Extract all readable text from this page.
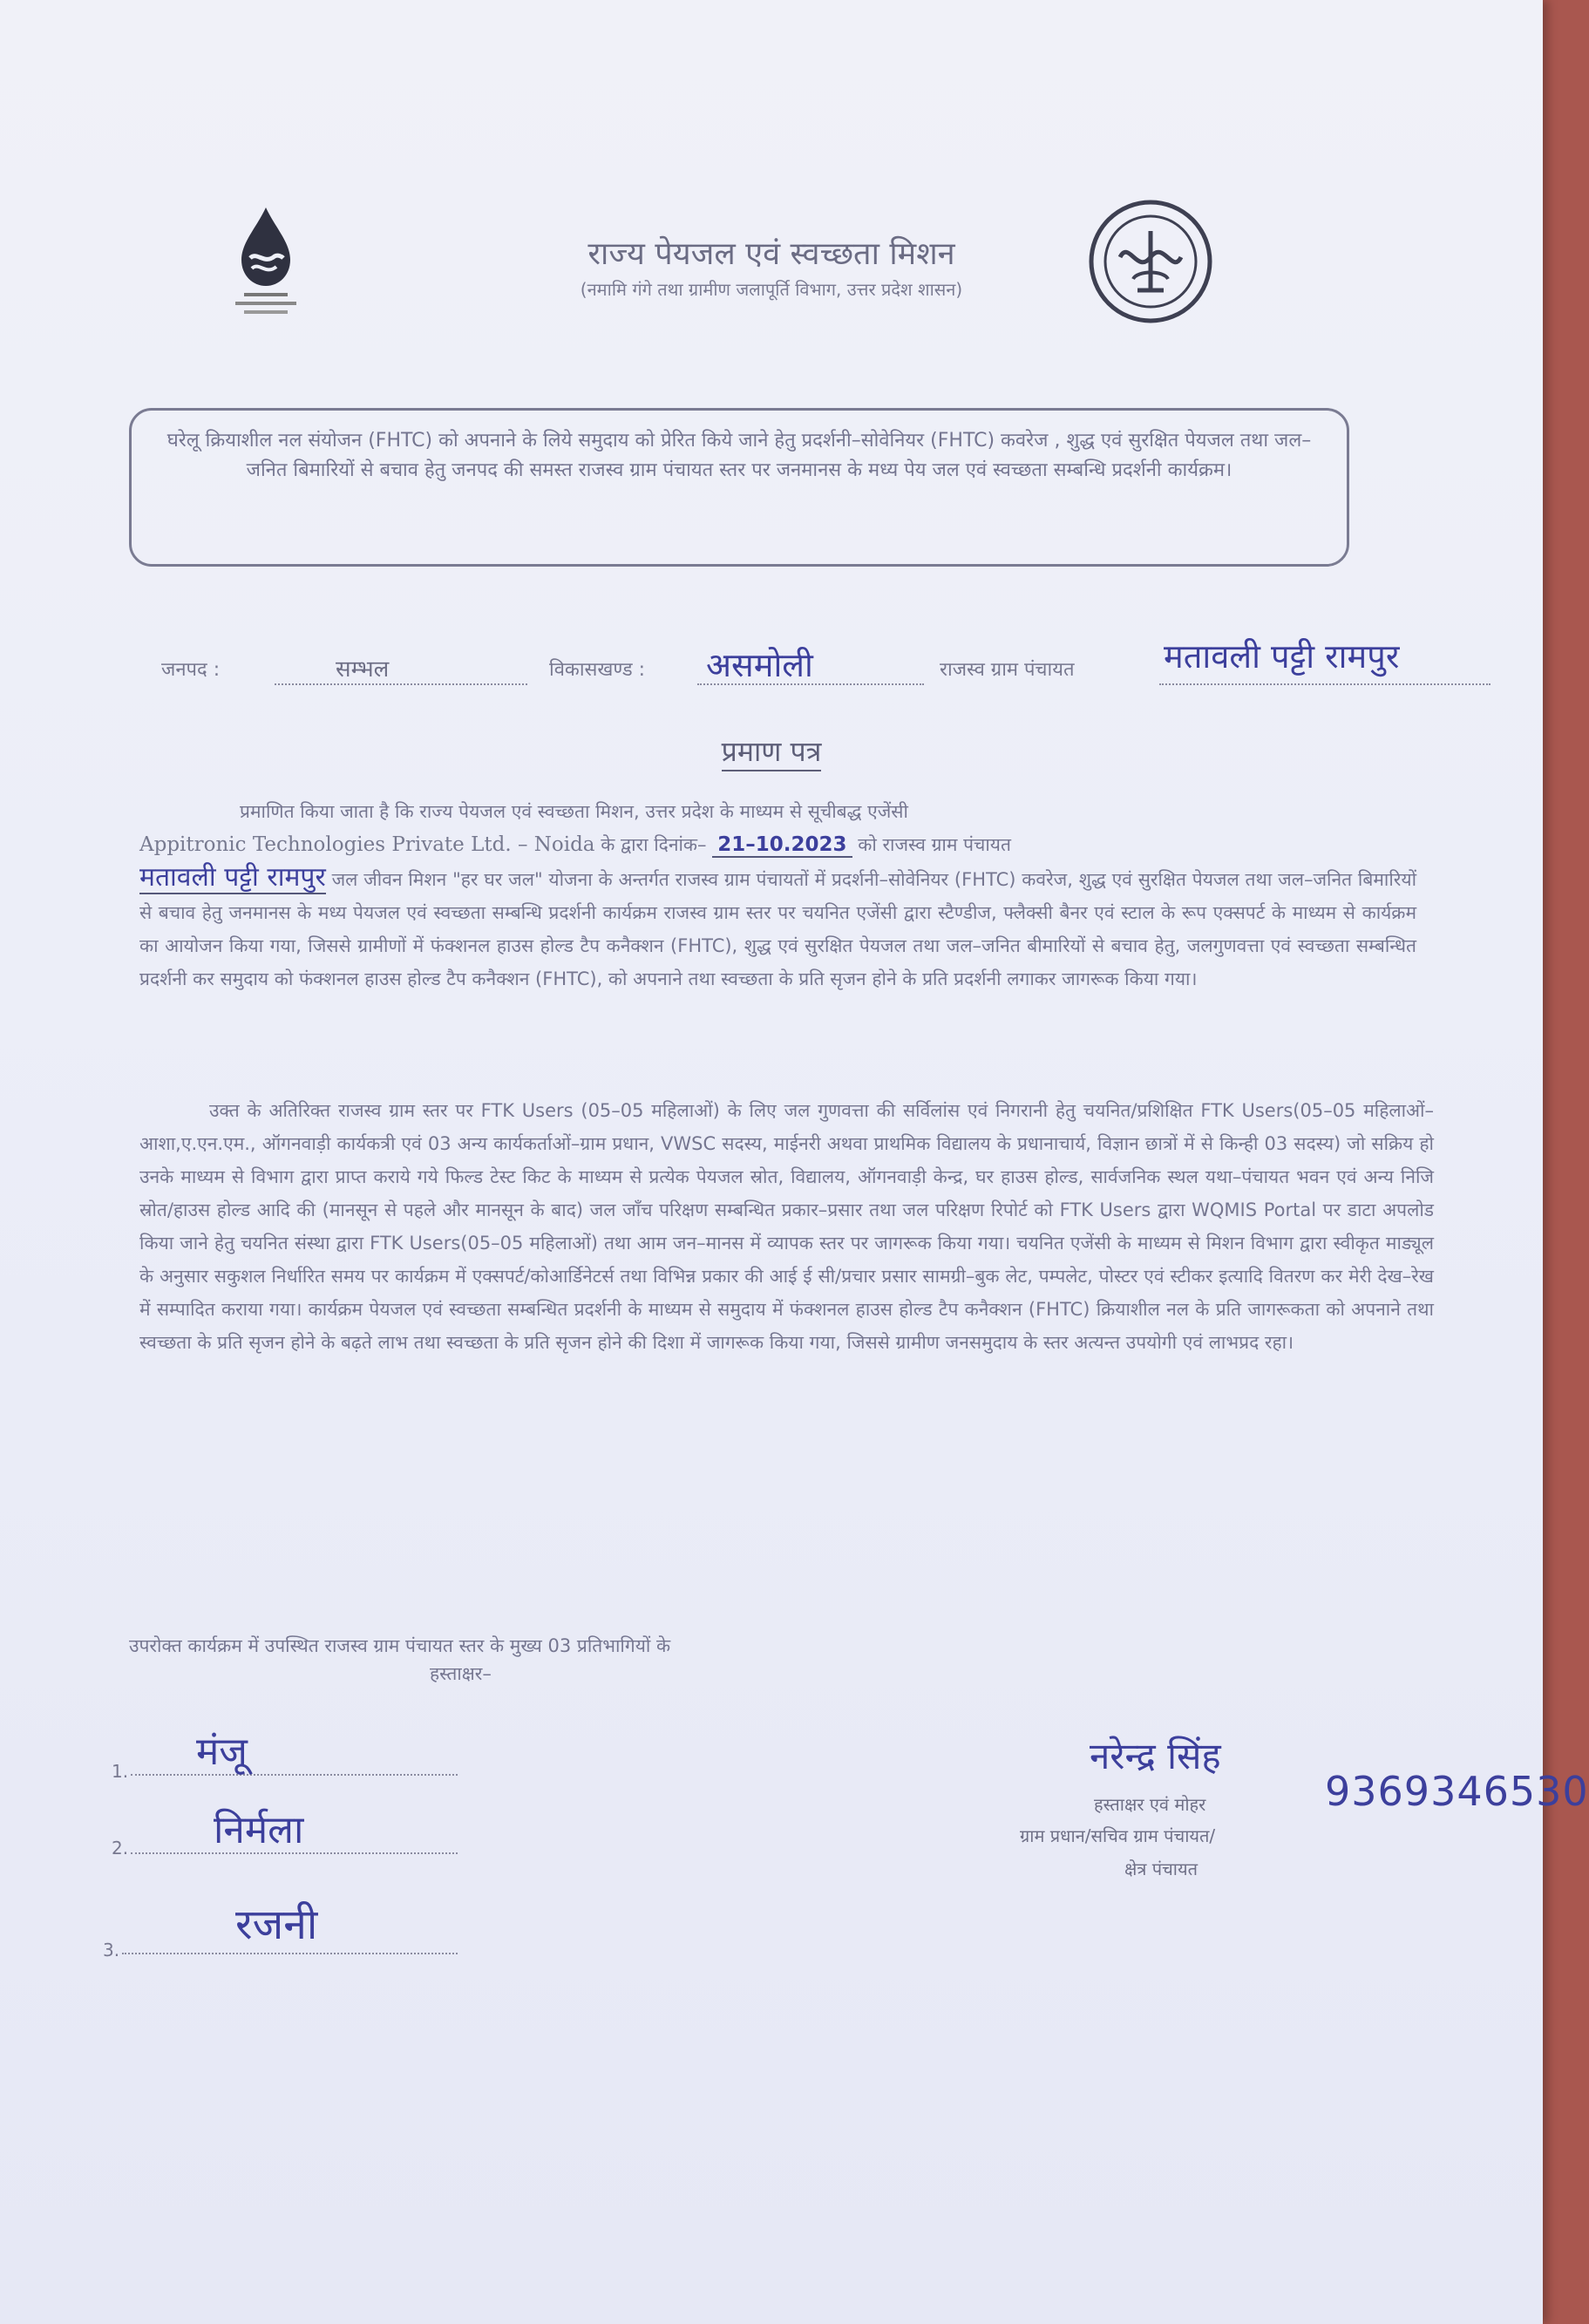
राज्य पेयजल एवं स्वच्छता मिशन
(नमामि गंगे तथा ग्रामीण जलापूर्ति विभाग, उत्तर प्रदेश शासन)
घरेलू क्रियाशील नल संयोजन (FHTC) को अपनाने के लिये समुदाय को प्रेरित किये जाने हेतु प्रदर्शनी–सोवेनियर (FHTC) कवरेज , शुद्ध एवं सुरक्षित पेयजल तथा जल–जनित बिमारियों से बचाव हेतु जनपद की समस्त राजस्व ग्राम पंचायत स्तर पर जनमानस के मध्य पेय जल एवं स्वच्छता सम्बन्धि प्रदर्शनी कार्यक्रम।
जनपद :	सम्भल	विकासखण्ड : असमोली	राजस्व ग्राम पंचायत	मतावली पट्टी रामपुर
प्रमाण पत्र
प्रमाणित किया जाता है कि राज्य पेयजल एवं स्वच्छता मिशन, उत्तर प्रदेश के माध्यम से सूचीबद्ध एजेंसी
Appitronic Technologies Private Ltd. – Noida के द्वारा दिनांक– 21–10.2023 को राजस्व ग्राम पंचायत
मतावली पट्टी रामपुर जल जीवन मिशन "हर घर जल" योजना के अन्तर्गत राजस्व ग्राम पंचायतों में प्रदर्शनी–सोवेनियर (FHTC) कवरेज, शुद्ध एवं सुरक्षित पेयजल तथा जल–जनित बिमारियों से बचाव हेतु जनमानस के मध्य पेयजल एवं स्वच्छता सम्बन्धि प्रदर्शनी कार्यक्रम राजस्व ग्राम स्तर पर चयनित एजेंसी द्वारा स्टैण्डीज, फ्लैक्सी बैनर एवं स्टाल के रूप एक्सपर्ट के माध्यम से कार्यक्रम का आयोजन किया गया, जिससे ग्रामीणों में फंक्शनल हाउस होल्ड टैप कनैक्शन (FHTC), शुद्ध एवं सुरक्षित पेयजल तथा जल–जनित बीमारियों से बचाव हेतु, जलगुणवत्ता एवं स्वच्छता सम्बन्धित प्रदर्शनी कर समुदाय को फंक्शनल हाउस होल्ड टैप कनैक्शन (FHTC), को अपनाने तथा स्वच्छता के प्रति सृजन होने के प्रति प्रदर्शनी लगाकर जागरूक किया गया।
उक्त के अतिरिक्त राजस्व ग्राम स्तर पर FTK Users (05–05 महिलाओं) के लिए जल गुणवत्ता की सर्विलांस एवं निगरानी हेतु चयनित/प्रशिक्षित FTK Users(05–05 महिलाओं–आशा,ए.एन.एम., ऑगनवाड़ी कार्यकत्री एवं 03 अन्य कार्यकर्ताओं–ग्राम प्रधान, VWSC सदस्य, माईनरी अथवा प्राथमिक विद्यालय के प्रधानाचार्य, विज्ञान छात्रों में से किन्ही 03 सदस्य) जो सक्रिय हो उनके माध्यम से विभाग द्वारा प्राप्त कराये गये फिल्ड टेस्ट किट के माध्यम से प्रत्येक पेयजल स्रोत, विद्यालय, ऑगनवाड़ी केन्द्र, घर हाउस होल्ड, सार्वजनिक स्थल यथा–पंचायत भवन एवं अन्य निजि स्रोत/हाउस होल्ड आदि की (मानसून से पहले और मानसून के बाद) जल जाँच परिक्षण सम्बन्धित प्रकार–प्रसार तथा जल परिक्षण रिपोर्ट को FTK Users द्वारा WQMIS Portal पर डाटा अपलोड किया जाने हेतु चयनित संस्था द्वारा FTK Users(05–05 महिलाओं) तथा आम जन–मानस में व्यापक स्तर पर जागरूक किया गया। चयनित एजेंसी के माध्यम से मिशन विभाग द्वारा स्वीकृत माड्यूल के अनुसार सकुशल निर्धारित समय पर कार्यक्रम में एक्सपर्ट/कोआर्डिनेटर्स तथा विभिन्न प्रकार की आई ई सी/प्रचार प्रसार सामग्री–बुक लेट, पम्पलेट, पोस्टर एवं स्टीकर इत्यादि वितरण कर मेरी देख–रेख में सम्पादित कराया गया। कार्यक्रम पेयजल एवं स्वच्छता सम्बन्धित प्रदर्शनी के माध्यम से समुदाय में फंक्शनल हाउस होल्ड टैप कनैक्शन (FHTC) क्रियाशील नल के प्रति जागरूकता को अपनाने तथा स्वच्छता के प्रति सृजन होने के बढ़ते लाभ तथा स्वच्छता के प्रति सृजन होने की दिशा में जागरूक किया गया, जिससे ग्रामीण जनसमुदाय के स्तर अत्यन्त उपयोगी एवं लाभप्रद रहा।
उपरोक्त कार्यक्रम में उपस्थित राजस्व ग्राम पंचायत स्तर के मुख्य 03 प्रतिभागियों के
हस्ताक्षर–
1. मंजू
2. निर्मला
3.
रजनी
नरेन्द्र सिंह
9369346530
हस्ताक्षर एवं मोहर
ग्राम प्रधान/सचिव ग्राम पंचायत/
क्षेत्र पंचायत
